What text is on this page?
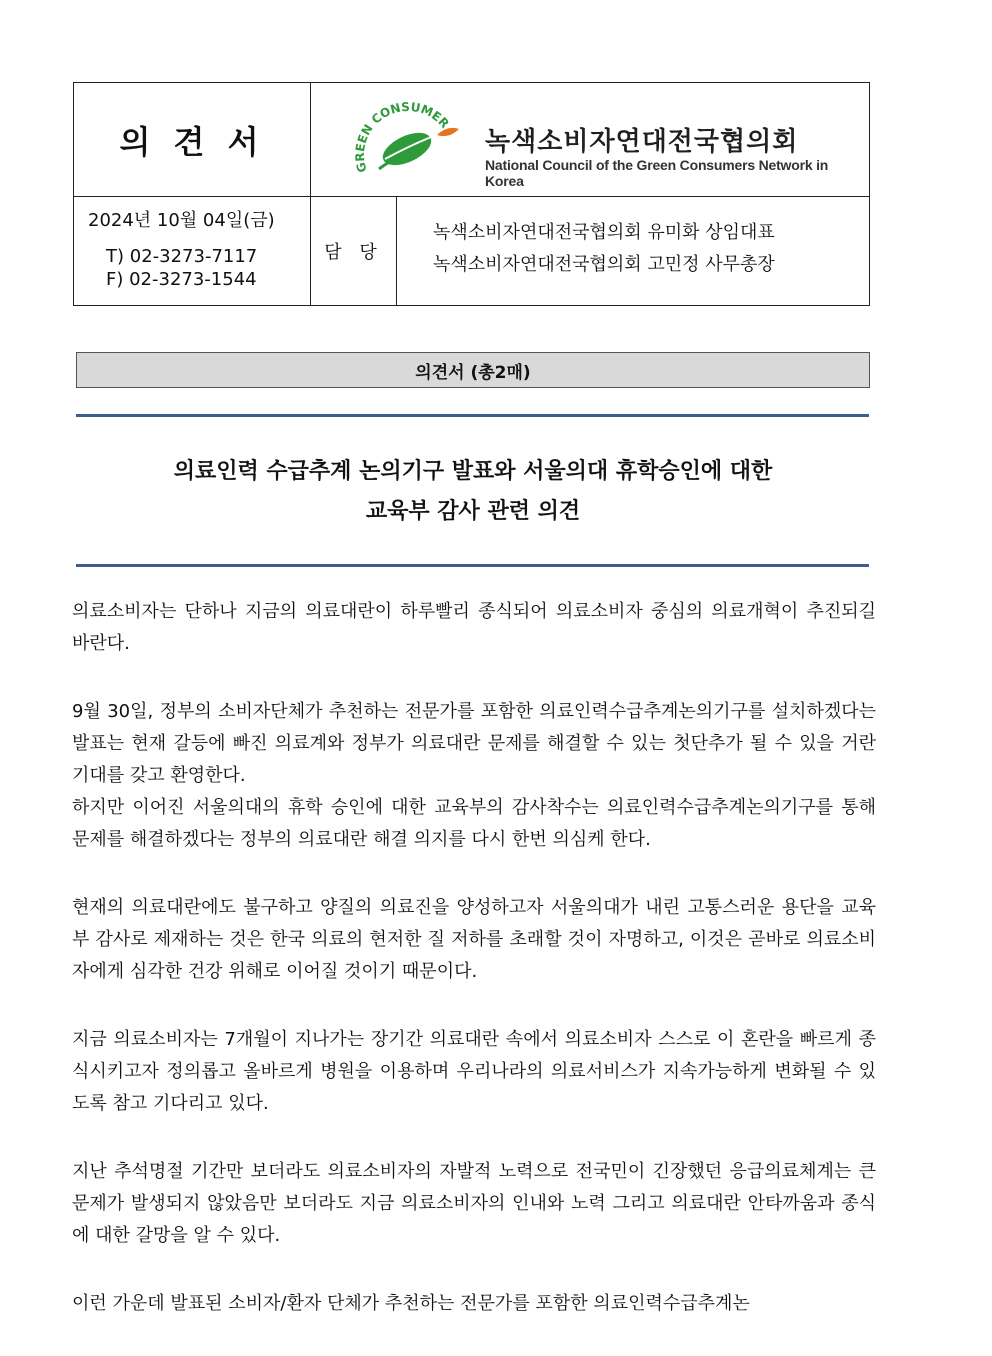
의 견 서
GREEN CONSUMER
녹색소비자연대전국협의회
National Council of the Green Consumers Network in Korea
2024년 10월 04일(금)
T) 02-3273-7117
F) 02-3273-1544
담 당
녹색소비자연대전국협의회 유미화 상임대표
녹색소비자연대전국협의회 고민정 사무총장
의견서 (총2매)
의료인력 수급추계 논의기구 발표와 서울의대 휴학승인에 대한
교육부 감사 관련 의견

의료소비자는 단하나 지금의 의료대란이 하루빨리 종식되어 의료소비자 중심의 의료개혁이 추진되길 바란다.

9월 30일, 정부의 소비자단체가 추천하는 전문가를 포함한 의료인력수급추계논의기구를 설치하겠다는 발표는 현재 갈등에 빠진 의료계와 정부가 의료대란 문제를 해결할 수 있는 첫단추가 될 수 있을 거란 기대를 갖고 환영한다.

하지만 이어진 서울의대의 휴학 승인에 대한 교육부의 감사착수는 의료인력수급추계논의기구를 통해 문제를 해결하겠다는 정부의 의료대란 해결 의지를 다시 한번 의심케 한다.

현재의 의료대란에도 불구하고 양질의 의료진을 양성하고자 서울의대가 내린 고통스러운 용단을 교육부 감사로 제재하는 것은 한국 의료의 현저한 질 저하를 초래할 것이 자명하고, 이것은 곧바로 의료소비자에게 심각한 건강 위해로 이어질 것이기 때문이다.

지금 의료소비자는 7개월이 지나가는 장기간 의료대란 속에서 의료소비자 스스로 이 혼란을 빠르게 종식시키고자 정의롭고 올바르게 병원을 이용하며 우리나라의 의료서비스가 지속가능하게 변화될 수 있도록 참고 기다리고 있다.

지난 추석명절 기간만 보더라도 의료소비자의 자발적 노력으로 전국민이 긴장했던 응급의료체계는 큰 문제가 발생되지 않았음만 보더라도 지금 의료소비자의 인내와 노력 그리고 의료대란 안타까움과 종식에 대한 갈망을 알 수 있다.

이런 가운데 발표된 소비자/환자 단체가 추천하는 전문가를 포함한 의료인력수급추계논
